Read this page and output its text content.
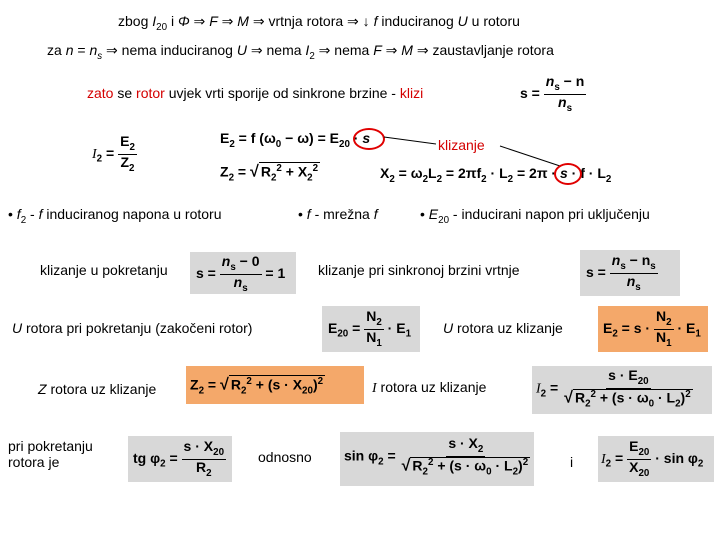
zbog $I_{20}$ i Φ ⇒ F ⇒ M ⇒ vrtnja rotora ⇒ ↓ f induciranog U u rotoru
za $n = n_s$ ⇒ nema induciranog U ⇒ nema $I_2$ ⇒ nema F ⇒ M ⇒ zaustavljanje rotora
zato se rotor uvjek vrti sporije od sinkrone brzine - klizi	$s = \frac{n_s - n}{n_s}$
$I_2 = \frac{E_2}{Z_2}$	$E_2 = f$ $(\omega_0 - \omega) = E_{20} \cdot s$	klizanje
$Z_2$ = √ $R_2^2 + X_2^2$	$X_2 = \omega_2L_2 = 2\pi f_2 \cdot L_2 = 2\pi \cdot s \cdot f \cdot L_2$
• $f_2$ - f induciranog napona u rotoru	• f - mrežna f	• $E_{20}$ - inducirani napon pri uključenju
klizanje u pokretanju $s = \frac{n_s - 0}{n_s} = 1$ klizanje pri sinkronoj brzini vrtnje	$s = \frac{n_s - n_s}{n_s}$
U rotora pri pokretanju (zakočeni rotor)	$E_{20} = \frac{N_2}{N_1} \cdot E_1$ U rotora uz klizanje	$E_2 = s \cdot \frac{N_2}{N_1} \cdot E_1$
Z rotora uz klizanje $Z_2$ = √ $R_2^2 + (s \cdot X_{20})^2$	I rotora uz klizanje	$I_2 = \frac{s \cdot E_{20}}{√ R_2^2 + (s \cdot \omega_0 \cdot L_2)^2}$
pri pokretanju
rotora je	tg $\varphi_2 = \frac{s \cdot X_{20}}{R_2}$ odnosno $\sin \varphi_2 = \frac{s \cdot X_2}{√ R_2^2 + (s \cdot \omega_0 \cdot L_2)^2}$	i $I_2 = \frac{E_{20}}{X_{20}} \cdot \sin \varphi_2$
